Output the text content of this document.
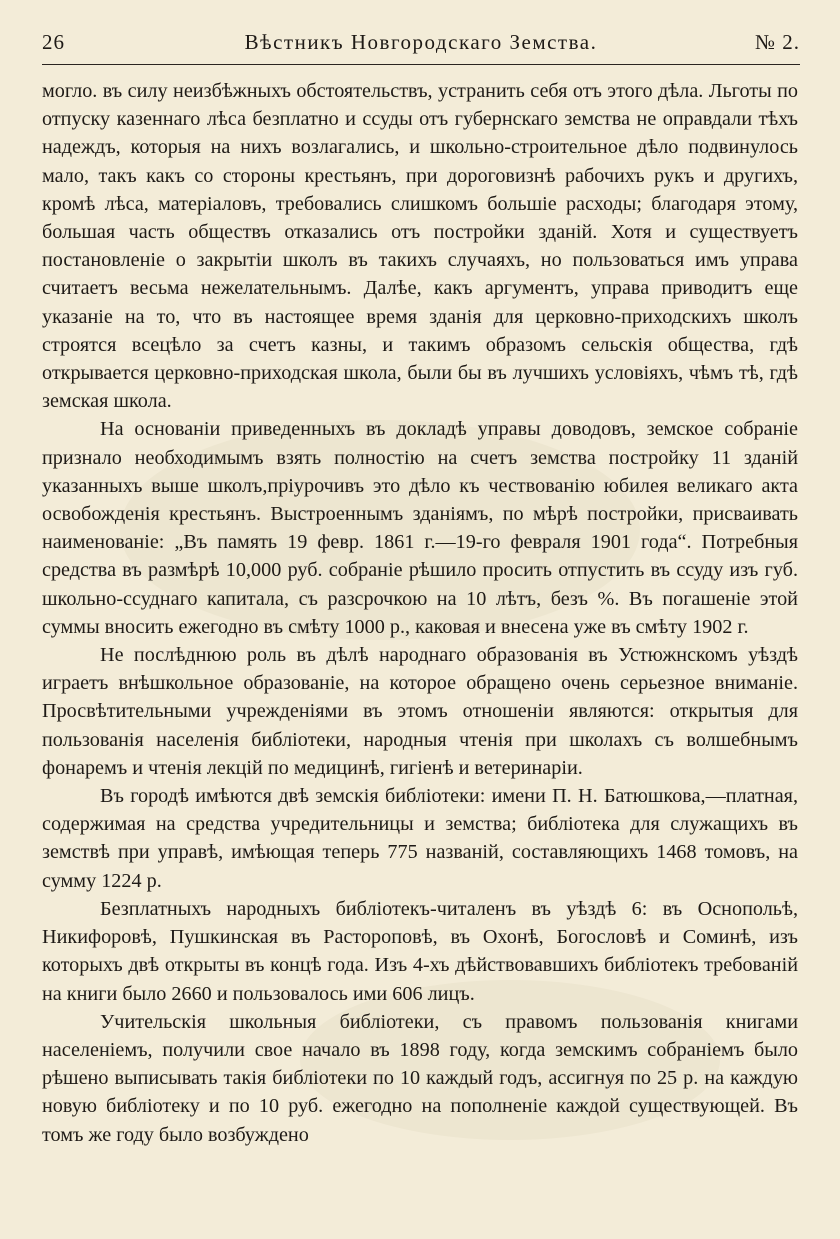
26	Вѣстникъ Новгородскаго Земства.	№ 2.

могло. въ силу неизбѣжныхъ обстоятельствъ, устранить себя отъ этого дѣла. Льготы по отпуску казеннаго лѣса безплатно и ссуды отъ губернскаго земства не оправдали тѣхъ надеждъ, которыя на нихъ возлагались, и школьно-строительное дѣло подвинулось мало, такъ какъ со стороны крестьянъ, при дороговизнѣ рабочихъ рукъ и другихъ, кромѣ лѣса, матеріаловъ, требовались слишкомъ большіе расходы; благодаря этому, большая часть обществъ отказались отъ постройки зданій. Хотя и существуетъ постановленіе о закрытіи школъ въ такихъ случаяхъ, но пользоваться имъ управа считаетъ весьма нежелательнымъ. Далѣе, какъ аргументъ, управа приводитъ еще указаніе на то, что въ настоящее время зданія для церковно-приходскихъ школъ строятся всецѣло за счетъ казны, и такимъ образомъ сельскія общества, гдѣ открывается церковно-приходская школа, были бы въ лучшихъ условіяхъ, чѣмъ тѣ, гдѣ земская школа.

На основаніи приведенныхъ въ докладѣ управы доводовъ, земское собраніе признало необходимымъ взять полностію на счетъ земства постройку 11 зданій указанныхъ выше школъ,пріурочивъ это дѣло къ чествованію юбилея великаго акта освобожденія крестьянъ. Выстроеннымъ зданіямъ, по мѣрѣ постройки, присваивать наименованіе: „Въ память 19 февр. 1861 г.—19-го февраля 1901 года“. Потребныя средства въ размѣрѣ 10,000 руб. собраніе рѣшило просить отпустить въ ссуду изъ губ. школьно-ссуднаго капитала, съ разсрочкою на 10 лѣтъ, безъ %. Въ погашеніе этой суммы вносить ежегодно въ смѣту 1000 р., каковая и внесена уже въ смѣту 1902 г.

Не послѣднюю роль въ дѣлѣ народнаго образованія въ Устюжнскомъ уѣздѣ играетъ внѣшкольное образованіе, на которое обращено очень серьезное вниманіе. Просвѣтительными учрежденіями въ этомъ отношеніи являются: открытыя для пользованія населенія библіотеки, народныя чтенія при школахъ съ волшебнымъ фонаремъ и чтенія лекцій по медицинѣ, гигіенѣ и ветеринаріи.

Въ городѣ имѣются двѣ земскія библіотеки: имени П. Н. Батюшкова,—платная, содержимая на средства учредительницы и земства; библіотека для служащихъ въ земствѣ при управѣ, имѣющая теперь 775 названій, составляющихъ 1468 томовъ, на сумму 1224 р.

Безплатныхъ народныхъ библіотекъ-читаленъ въ уѣздѣ 6: въ Оснопольѣ, Никифоровѣ, Пушкинская въ Растороповѣ, въ Охонѣ, Богословѣ и Соминѣ, изъ которыхъ двѣ открыты въ концѣ года. Изъ 4-хъ дѣйствовавшихъ библіотекъ требованій на книги было 2660 и пользовалось ими 606 лицъ.

Учительскія школьныя библіотеки, съ правомъ пользованія книгами населеніемъ, получили свое начало въ 1898 году, когда земскимъ собраніемъ было рѣшено выписывать такія библіотеки по 10 каждый годъ, ассигнуя по 25 р. на каждую новую библіотеку и по 10 руб. ежегодно на пополненіе каждой существующей. Въ томъ же году было возбуждено
